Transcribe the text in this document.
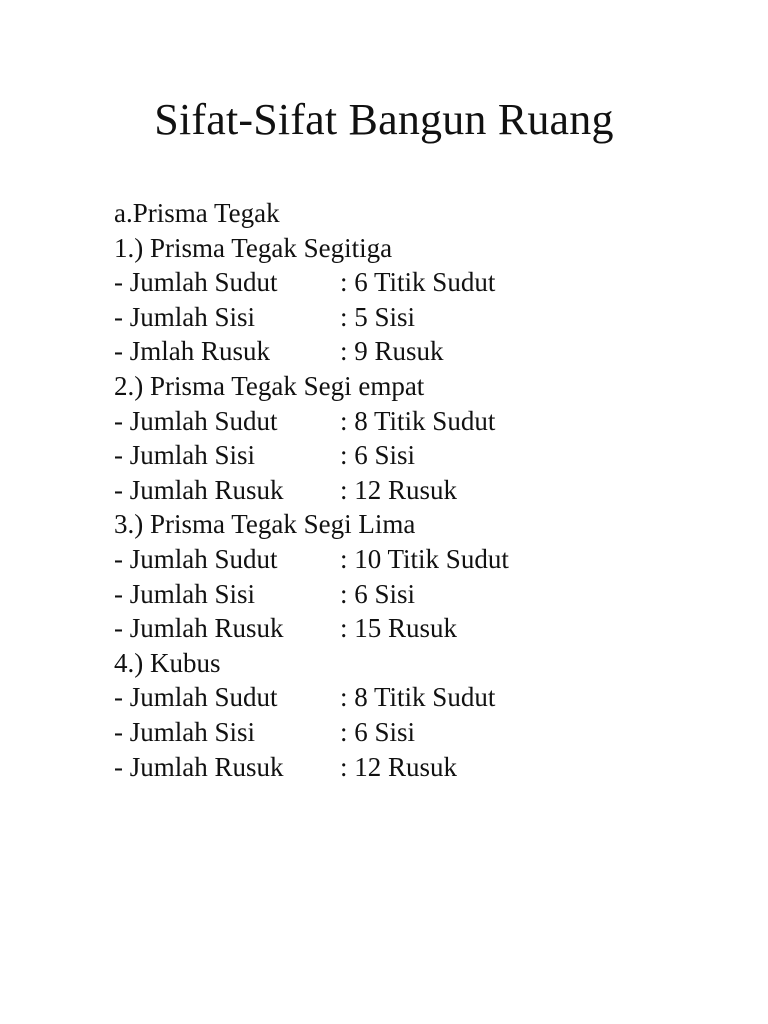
Sifat-Sifat Bangun Ruang
a.Prisma Tegak
1.) Prisma Tegak Segitiga
- Jumlah Sudut : 6 Titik Sudut
- Jumlah Sisi	: 5 Sisi
- Jmlah Rusuk	: 9 Rusuk
2.) Prisma Tegak Segi empat
- Jumlah Sudut : 8 Titik Sudut
- Jumlah Sisi	: 6 Sisi
- Jumlah Rusuk : 12 Rusuk
3.) Prisma Tegak Segi Lima
- Jumlah Sudut : 10 Titik Sudut
- Jumlah Sisi	: 6 Sisi
- Jumlah Rusuk : 15 Rusuk
4.) Kubus
- Jumlah Sudut : 8 Titik Sudut
- Jumlah Sisi	: 6 Sisi
- Jumlah Rusuk : 12 Rusuk
